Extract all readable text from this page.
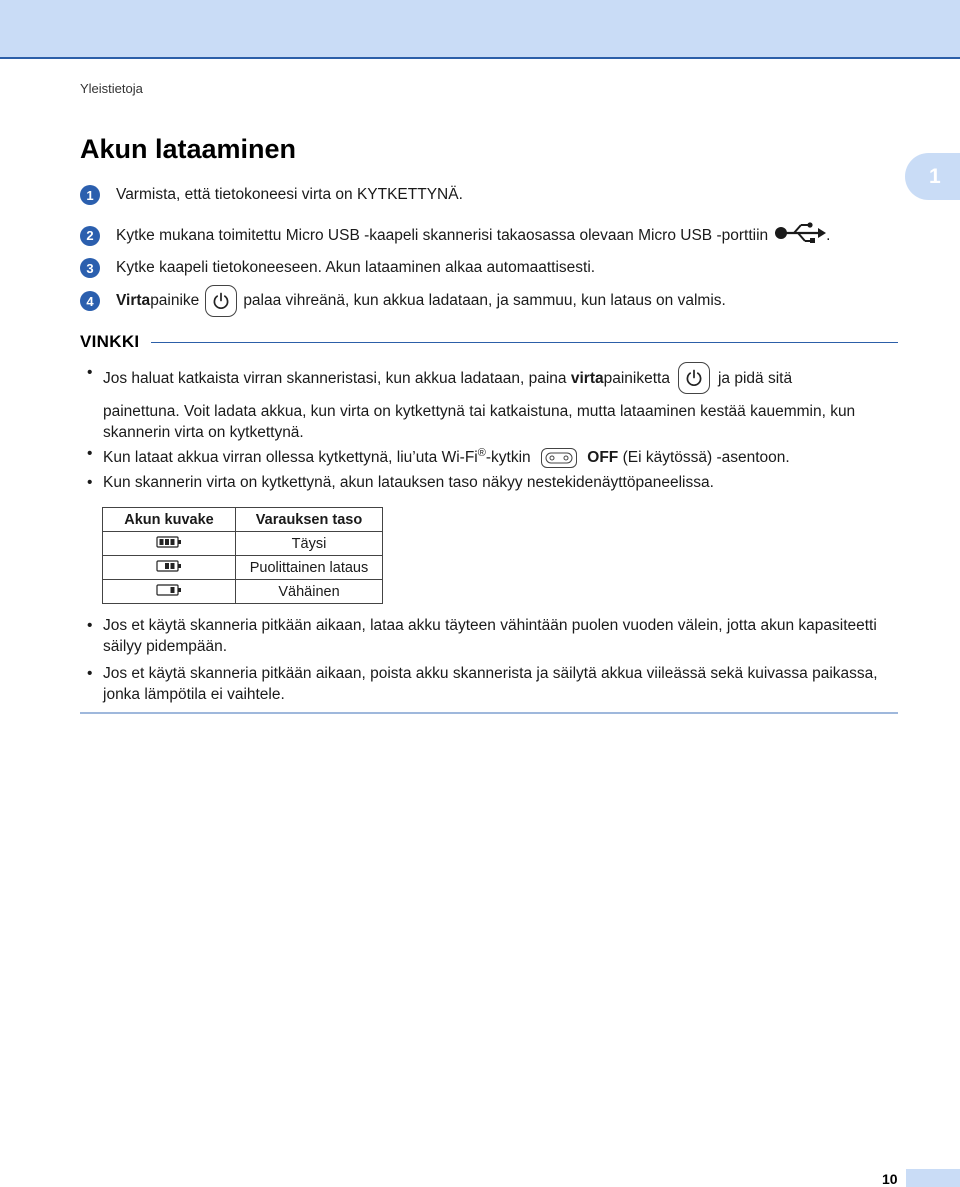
Yleistietoja
1
Akun lataaminen
1	Varmista, että tietokoneesi virta on KYTKETTYNÄ.
2	Kytke mukana toimitettu Micro USB -kaapeli skannerisi takaosassa olevaan Micro USB -porttiin	.
3	Kytke kaapeli tietokoneeseen. Akun lataaminen alkaa automaattisesti.
4	Virta painike	palaa vihreänä, kun akkua ladataan, ja sammuu, kun lataus on valmis.
VINKKI
• Jos haluat katkaista virran skanneristasi, kun akkua ladataan, paina
virta painiketta	ja pidä sitä
painettuna. Voit ladata akkua, kun virta on kytkettynä tai katkaistuna, mutta lataaminen kestää kauemmin, kun skannerin virta on kytkettynä.
• Kun lataat akkua virran ollessa kytkettynä, liu’uta Wi-Fi®-kytkin	OFF (Ei käytössä) -asentoon.
• Kun skannerin virta on kytkettynä, akun latauksen taso näkyy nestekidenäyttöpaneelissa.
Akun kuvake	Varauksen taso
	Täysi
	Puolittainen lataus
	Vähäinen
• Jos et käytä skanneria pitkään aikaan, lataa akku täyteen vähintään puolen vuoden välein, jotta akun kapasiteetti säilyy pidempään.
• Jos et käytä skanneria pitkään aikaan, poista akku skannerista ja säilytä akkua viileässä sekä kuivassa paikassa, jonka lämpötila ei vaihtele.
10
